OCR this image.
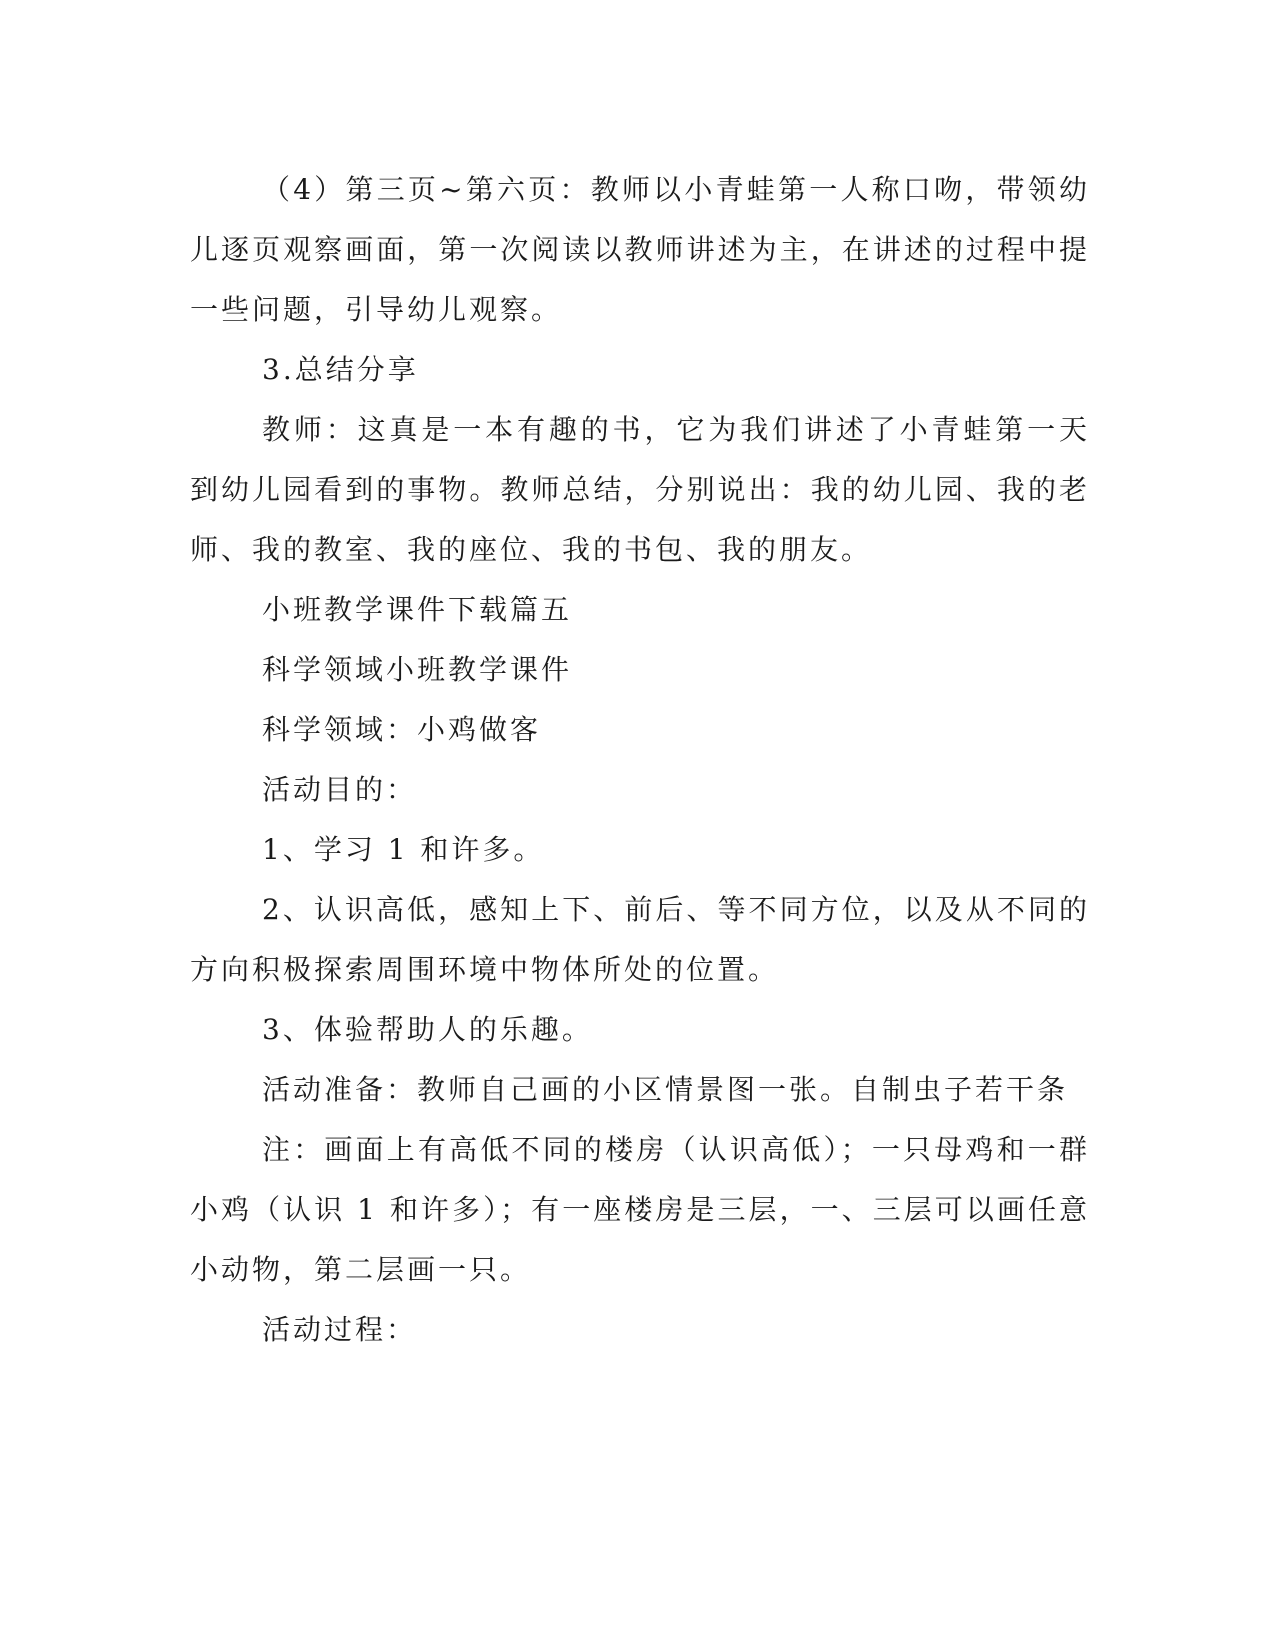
（4）第三页~第六页：教师以小青蛙第一人称口吻，带领幼儿逐页观察画面，第一次阅读以教师讲述为主，在讲述的过程中提一些问题，引导幼儿观察。

3.总结分享

教师：这真是一本有趣的书，它为我们讲述了小青蛙第一天到幼儿园看到的事物。教师总结，分别说出：我的幼儿园、我的老师、我的教室、我的座位、我的书包、我的朋友。

小班教学课件下载篇五

科学领域小班教学课件

科学领域：小鸡做客

活动目的：

1、学习 1 和许多。

2、认识高低，感知上下、前后、等不同方位，以及从不同的方向积极探索周围环境中物体所处的位置。

3、体验帮助人的乐趣。

活动准备：教师自己画的小区情景图一张。自制虫子若干条

注：画面上有高低不同的楼房（认识高低）；一只母鸡和一群小鸡（认识 1 和许多）；有一座楼房是三层，一、三层可以画任意小动物，第二层画一只。

活动过程：
